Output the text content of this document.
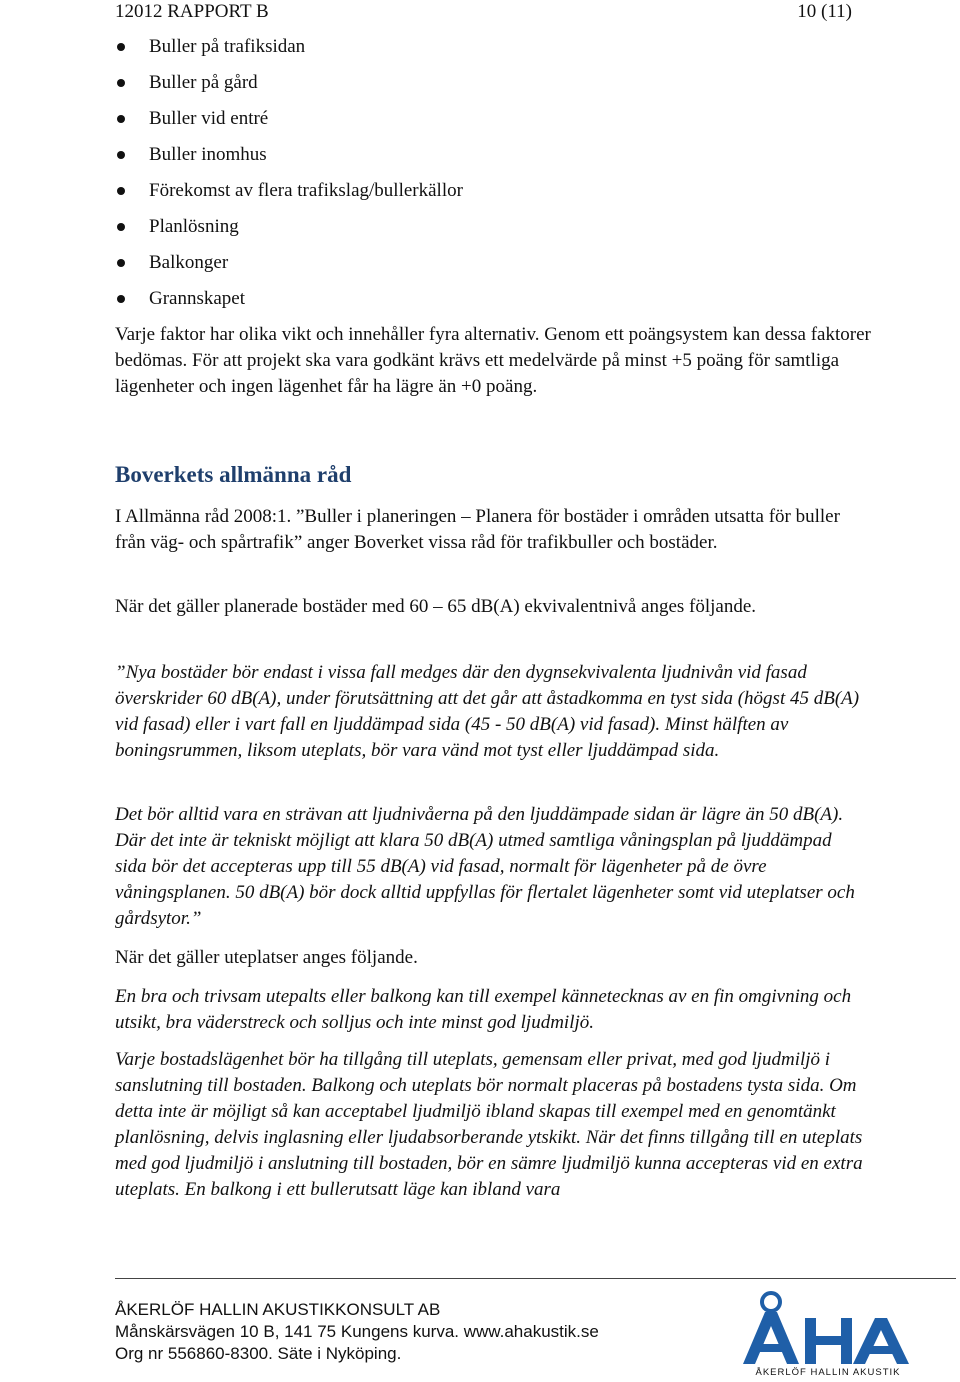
12012 RAPPORT B	10 (11)
Buller på trafiksidan
Buller på gård
Buller vid entré
Buller inomhus
Förekomst av flera trafikslag/bullerkällor
Planlösning
Balkonger
Grannskapet

Varje faktor har olika vikt och innehåller fyra alternativ. Genom ett poängsystem kan dessa faktorer bedömas. För att projekt ska vara godkänt krävs ett medelvärde på minst +5 poäng för samtliga lägenheter och ingen lägenhet får ha lägre än +0 poäng.

Boverkets allmänna råd

I Allmänna råd 2008:1. ”Buller i planeringen – Planera för bostäder i områden utsatta för buller från väg- och spårtrafik” anger Boverket vissa råd för trafikbuller och bostäder.

När det gäller planerade bostäder med 60 – 65 dB(A) ekvivalentnivå anges följande.

”Nya bostäder bör endast i vissa fall medges där den dygnsekvivalenta ljudnivån vid fasad överskrider 60 dB(A), under förutsättning att det går att åstadkomma en tyst sida (högst 45 dB(A) vid fasad) eller i vart fall en ljuddämpad sida (45 - 50 dB(A) vid fasad). Minst hälften av boningsrummen, liksom uteplats, bör vara vänd mot tyst eller ljuddämpad sida.

Det bör alltid vara en strävan att ljudnivåerna på den ljuddämpade sidan är lägre än 50 dB(A). Där det inte är tekniskt möjligt att klara 50 dB(A) utmed samtliga våningsplan på ljuddämpad sida bör det accepteras upp till 55 dB(A) vid fasad, normalt för lägenheter på de övre våningsplanen. 50 dB(A) bör dock alltid uppfyllas för flertalet lägenheter somt vid uteplatser och gårdsytor.”

När det gäller uteplatser anges följande.

En bra och trivsam utepalts eller balkong kan till exempel kännetecknas av en fin omgivning och utsikt, bra väderstreck och solljus och inte minst god ljudmiljö.

Varje bostadslägenhet bör ha tillgång till uteplats, gemensam eller privat, med god ljudmiljö i sanslutning till bostaden. Balkong och uteplats bör normalt placeras på bostadens tysta sida. Om detta inte är möjligt så kan acceptabel ljudmiljö ibland skapas till exempel med en genomtänkt planlösning, delvis inglasning eller ljudabsorberande ytskikt. När det finns tillgång till en uteplats med god ljudmiljö i anslutning till bostaden, bör en sämre ljudmiljö kunna accepteras vid en extra uteplats. En balkong i ett bullerutsatt läge kan ibland vara

ÅKERLÖF HALLIN AKUSTIKKONSULT AB
Månskärsvägen 10 B, 141 75 Kungens kurva. www.ahakustik.se
Org nr 556860-8300. Säte i Nyköping.
ÅKERLÖF HALLIN AKUSTIK
